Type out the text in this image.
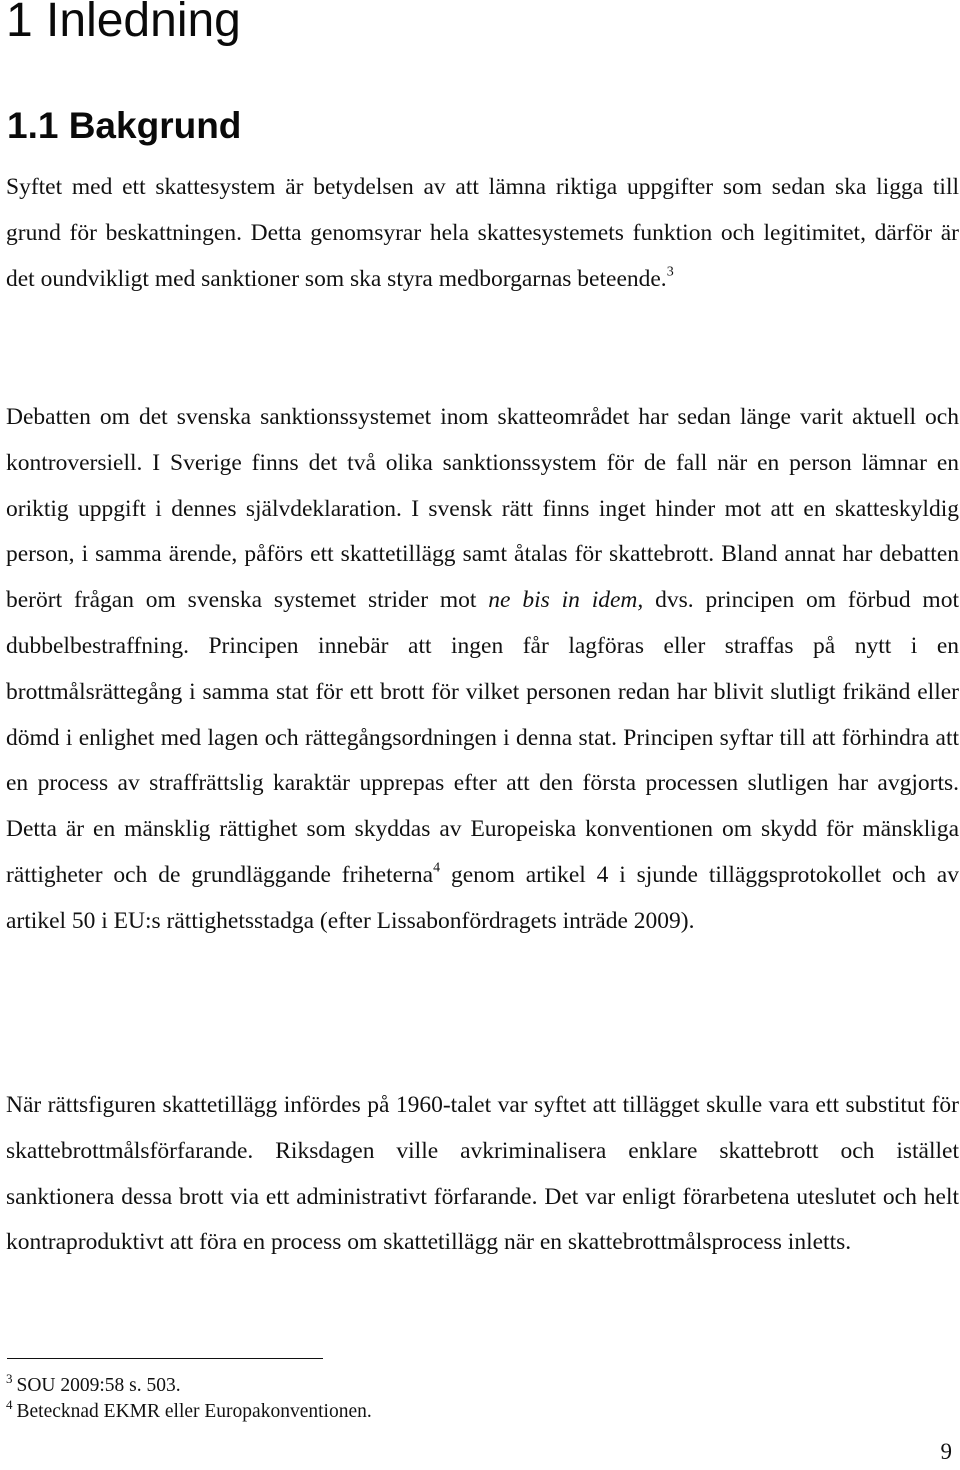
1 Inledning
1.1 Bakgrund

Syftet med ett skattesystem är betydelsen av att lämna riktiga uppgifter som sedan ska ligga till grund för beskattningen. Detta genomsyrar hela skattesystemets funktion och legitimitet, därför är det oundvikligt med sanktioner som ska styra medborgarnas beteende.$^3$

Debatten om det svenska sanktionssystemet inom skatteområdet har sedan länge varit aktuell och kontroversiell. I Sverige finns det två olika sanktionssystem för de fall när en person lämnar en oriktig uppgift i dennes självdeklaration. I svensk rätt finns inget hinder mot att en skatteskyldig person, i samma ärende, påförs ett skattetillägg samt åtalas för skattebrott. Bland annat har debatten berört frågan om svenska systemet strider mot ne bis in idem, dvs. principen om förbud mot dubbelbestraffning. Principen innebär att ingen får lagföras eller straffas på nytt i en brottmålsrättegång i samma stat för ett brott för vilket personen redan har blivit slutligt frikänd eller dömd i enlighet med lagen och rättegångsordningen i denna stat. Principen syftar till att förhindra att en process av straffrättslig karaktär upprepas efter att den första processen slutligen har avgjorts. Detta är en mänsklig rättighet som skyddas av Europeiska konventionen om skydd för mänskliga rättigheter och de grundläggande friheterna$^4$ genom artikel 4 i sjunde tilläggsprotokollet och av artikel 50 i EU:s rättighetsstadga (efter Lissabonfördragets inträde 2009).

När rättsfiguren skattetillägg infördes på 1960-talet var syftet att tillägget skulle vara ett substitut för skattebrottmålsförfarande. Riksdagen ville avkriminalisera enklare skattebrott och istället sanktionera dessa brott via ett administrativt förfarande. Det var enligt förarbetena uteslutet och helt kontraproduktivt att föra en process om skattetillägg när en skattebrottmålsprocess inletts.

$^3$ SOU 2009:58 s. 503.
$^4$ Betecknad EKMR eller Europakonventionen.
9
